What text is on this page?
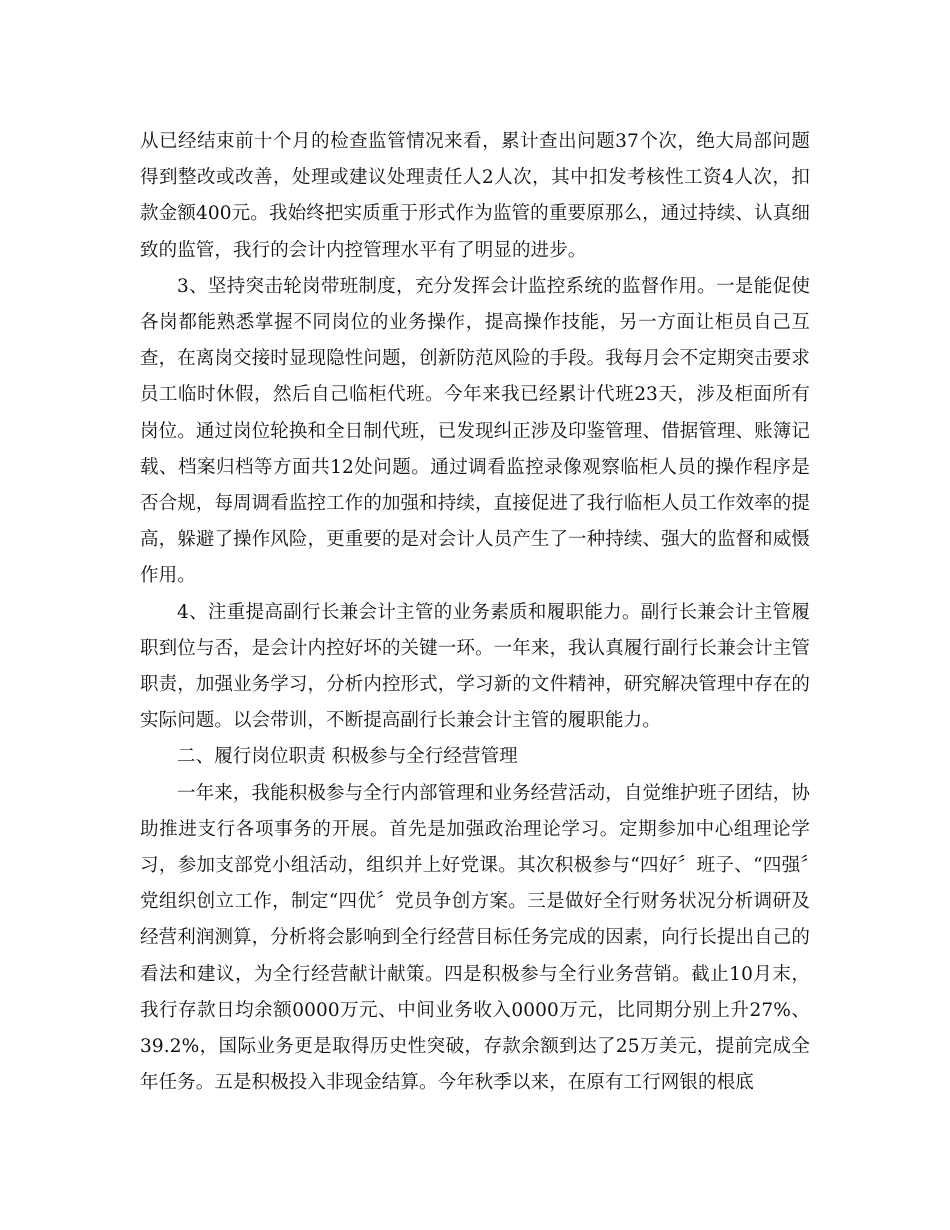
从已经结束前十个月的检查监管情况来看，累计查出问题37个次，绝大局部问题得到整改或改善，处理或建议处理责任人2人次，其中扣发考核性工资4人次，扣款金额400元。我始终把实质重于形式作为监管的重要原那么，通过持续、认真细致的监管，我行的会计内控管理水平有了明显的进步。

3、坚持突击轮岗带班制度，充分发挥会计监控系统的监督作用。一是能促使各岗都能熟悉掌握不同岗位的业务操作，提高操作技能，另一方面让柜员自己互查，在离岗交接时显现隐性问题，创新防范风险的手段。我每月会不定期突击要求员工临时休假，然后自己临柜代班。今年来我已经累计代班23天，涉及柜面所有岗位。通过岗位轮换和全日制代班，已发现纠正涉及印鉴管理、借据管理、账簿记载、档案归档等方面共12处问题。通过调看监控录像观察临柜人员的操作程序是否合规，每周调看监控工作的加强和持续，直接促进了我行临柜人员工作效率的提高，躲避了操作风险，更重要的是对会计人员产生了一种持续、强大的监督和威慑作用。

4、注重提高副行长兼会计主管的业务素质和履职能力。副行长兼会计主管履职到位与否，是会计内控好坏的关键一环。一年来，我认真履行副行长兼会计主管职责，加强业务学习，分析内控形式，学习新的文件精神，研究解决管理中存在的实际问题。以会带训，不断提高副行长兼会计主管的履职能力。

二、履行岗位职责 积极参与全行经营管理

一年来，我能积极参与全行内部管理和业务经营活动，自觉维护班子团结，协助推进支行各项事务的开展。首先是加强政治理论学习。定期参加中心组理论学习，参加支部党小组活动，组织并上好党课。其次积极参与“四好〞班子、“四强〞党组织创立工作，制定“四优〞党员争创方案。三是做好全行财务状况分析调研及经营利润测算，分析将会影响到全行经营目标任务完成的因素，向行长提出自己的看法和建议，为全行经营献计献策。四是积极参与全行业务营销。截止10月末，我行存款日均余额0000万元、中间业务收入0000万元，比同期分别上升27%、39.2%，国际业务更是取得历史性突破，存款余额到达了25万美元，提前完成全年任务。五是积极投入非现金结算。今年秋季以来，在原有工行网银的根底
